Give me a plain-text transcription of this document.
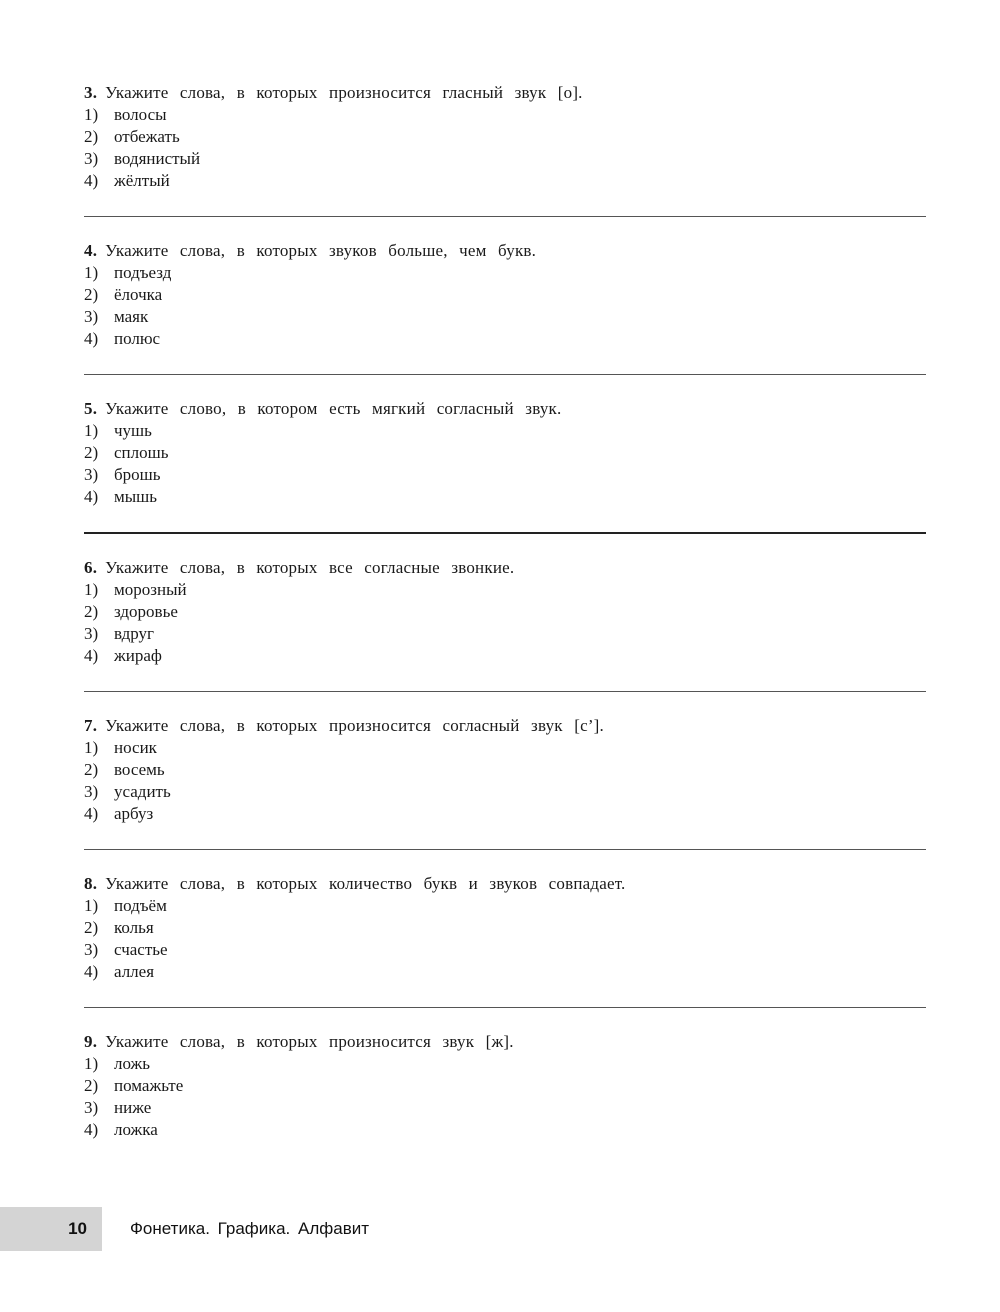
3. Укажите слова, в которых произносится гласный звук [о].
1) волосы
2) отбежать
3) водянистый
4) жёлтый
4. Укажите слова, в которых звуков больше, чем букв.
1) подъезд
2) ёлочка
3) маяк
4) полюс
5. Укажите слово, в котором есть мягкий согласный звук.
1) чушь
2) сплошь
3) брошь
4) мышь
6. Укажите слова, в которых все согласные звонкие.
1) морозный
2) здоровье
3) вдруг
4) жираф
7. Укажите слова, в которых произносится согласный звук [с’].
1) носик
2) восемь
3) усадить
4) арбуз
8. Укажите слова, в которых количество букв и звуков совпадает.
1) подъём
2) колья
3) счастье
4) аллея
9. Укажите слова, в которых произносится звук [ж].
1) ложь
2) помажьте
3) ниже
4) ложка
10	Фонетика. Графика. Алфавит
